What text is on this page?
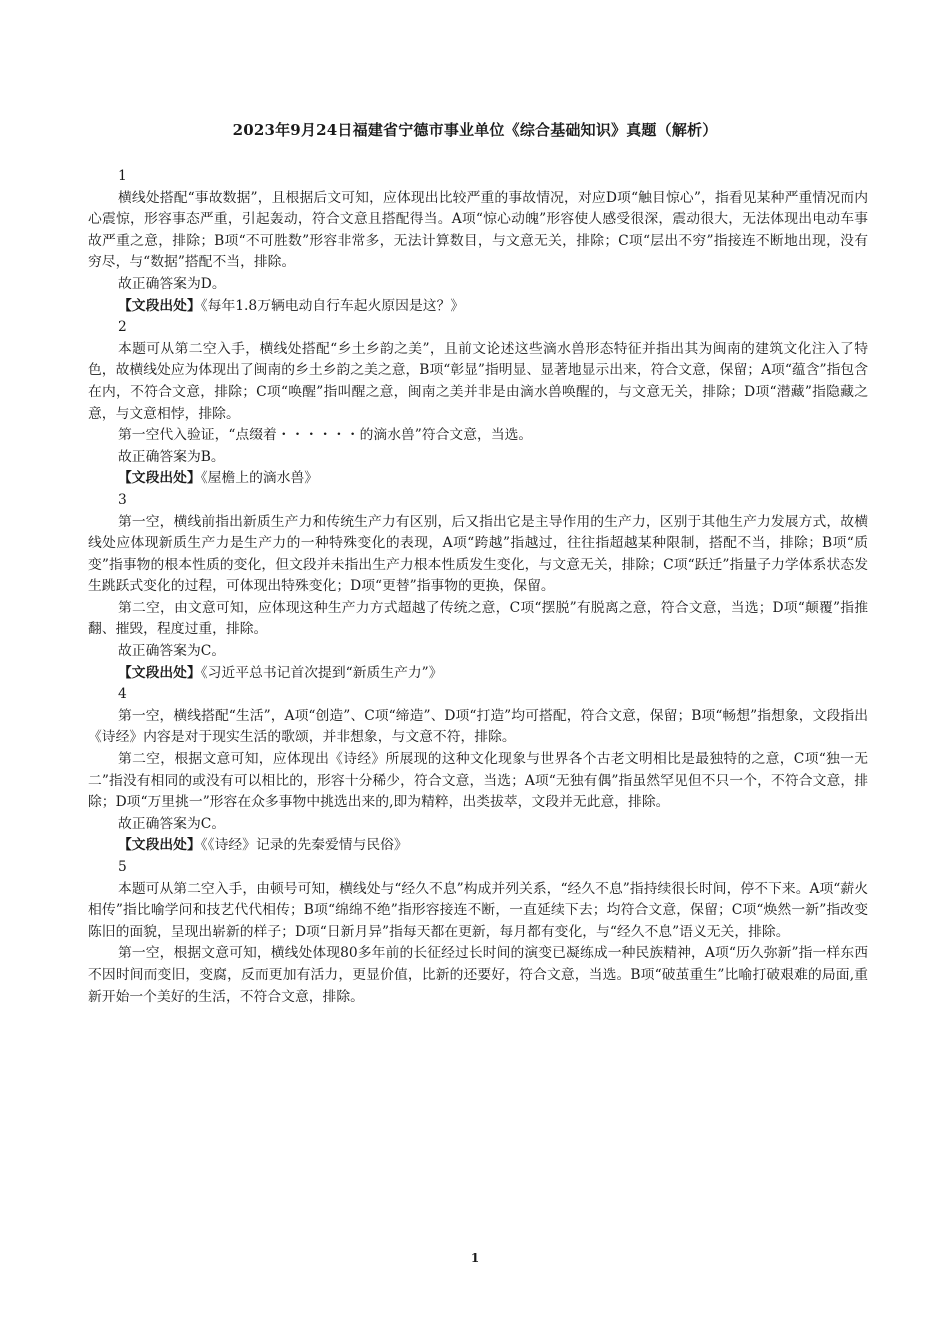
2023年9月24日福建省宁德市事业单位《综合基础知识》真题（解析）

1

横线处搭配“事故数据”，且根据后文可知，应体现出比较严重的事故情况，对应D项“触目惊心”，指看见某种严重情况而内心震惊，形容事态严重，引起轰动，符合文意且搭配得当。A项“惊心动魄”形容使人感受很深，震动很大，无法体现出电动车事故严重之意，排除；B项“不可胜数”形容非常多，无法计算数目，与文意无关，排除；C项“层出不穷”指接连不断地出现，没有穷尽，与“数据”搭配不当，排除。

故正确答案为D。

【文段出处】《每年1.8万辆电动自行车起火原因是这？》

2

本题可从第二空入手，横线处搭配“乡土乡韵之美”，且前文论述这些滴水兽形态特征并指出其为闽南的建筑文化注入了特色，故横线处应为体现出了闽南的乡土乡韵之美之意，B项“彰显”指明显、显著地显示出来，符合文意，保留；A项“蕴含”指包含在内，不符合文意，排除；C项“唤醒”指叫醒之意，闽南之美并非是由滴水兽唤醒的，与文意无关，排除；D项“潜藏”指隐藏之意，与文意相悖，排除。

第一空代入验证，“点缀着・・・・・・的滴水兽”符合文意，当选。

故正确答案为B。

【文段出处】《屋檐上的滴水兽》

3

第一空，横线前指出新质生产力和传统生产力有区别，后又指出它是主导作用的生产力，区别于其他生产力发展方式，故横线处应体现新质生产力是生产力的一种特殊变化的表现，A项“跨越”指越过，往往指超越某种限制，搭配不当，排除；B项“质变”指事物的根本性质的变化，但文段并未指出生产力根本性质发生变化，与文意无关，排除；C项“跃迁”指量子力学体系状态发生跳跃式变化的过程，可体现出特殊变化；D项“更替”指事物的更换，保留。

第二空，由文意可知，应体现这种生产力方式超越了传统之意，C项“摆脱”有脱离之意，符合文意，当选；D项“颠覆”指推翻、摧毁，程度过重，排除。

故正确答案为C。

【文段出处】《习近平总书记首次提到“新质生产力”》

4

第一空，横线搭配“生活”，A项“创造”、C项“缔造”、D项“打造”均可搭配，符合文意，保留；B项“畅想”指想象，文段指出《诗经》内容是对于现实生活的歌颂，并非想象，与文意不符，排除。

第二空，根据文意可知，应体现出《诗经》所展现的这种文化现象与世界各个古老文明相比是最独特的之意，C项“独一无二”指没有相同的或没有可以相比的，形容十分稀少，符合文意，当选；A项“无独有偶”指虽然罕见但不只一个，不符合文意，排除；D项“万里挑一”形容在众多事物中挑选出来的,即为精粹，出类拔萃，文段并无此意，排除。

故正确答案为C。

【文段出处】《《诗经》记录的先秦爱情与民俗》

5

本题可从第二空入手，由顿号可知，横线处与“经久不息”构成并列关系，“经久不息”指持续很长时间，停不下来。A项“薪火相传”指比喻学问和技艺代代相传；B项“绵绵不绝”指形容接连不断，一直延续下去；均符合文意，保留；C项“焕然一新”指改变陈旧的面貌，呈现出崭新的样子；D项“日新月异”指每天都在更新，每月都有变化，与“经久不息”语义无关，排除。

第一空，根据文意可知，横线处体现80多年前的长征经过长时间的演变已凝练成一种民族精神，A项“历久弥新”指一样东西不因时间而变旧，变腐，反而更加有活力，更显价值，比新的还要好，符合文意，当选。B项“破茧重生”比喻打破艰难的局面,重新开始一个美好的生活，不符合文意，排除。

1
